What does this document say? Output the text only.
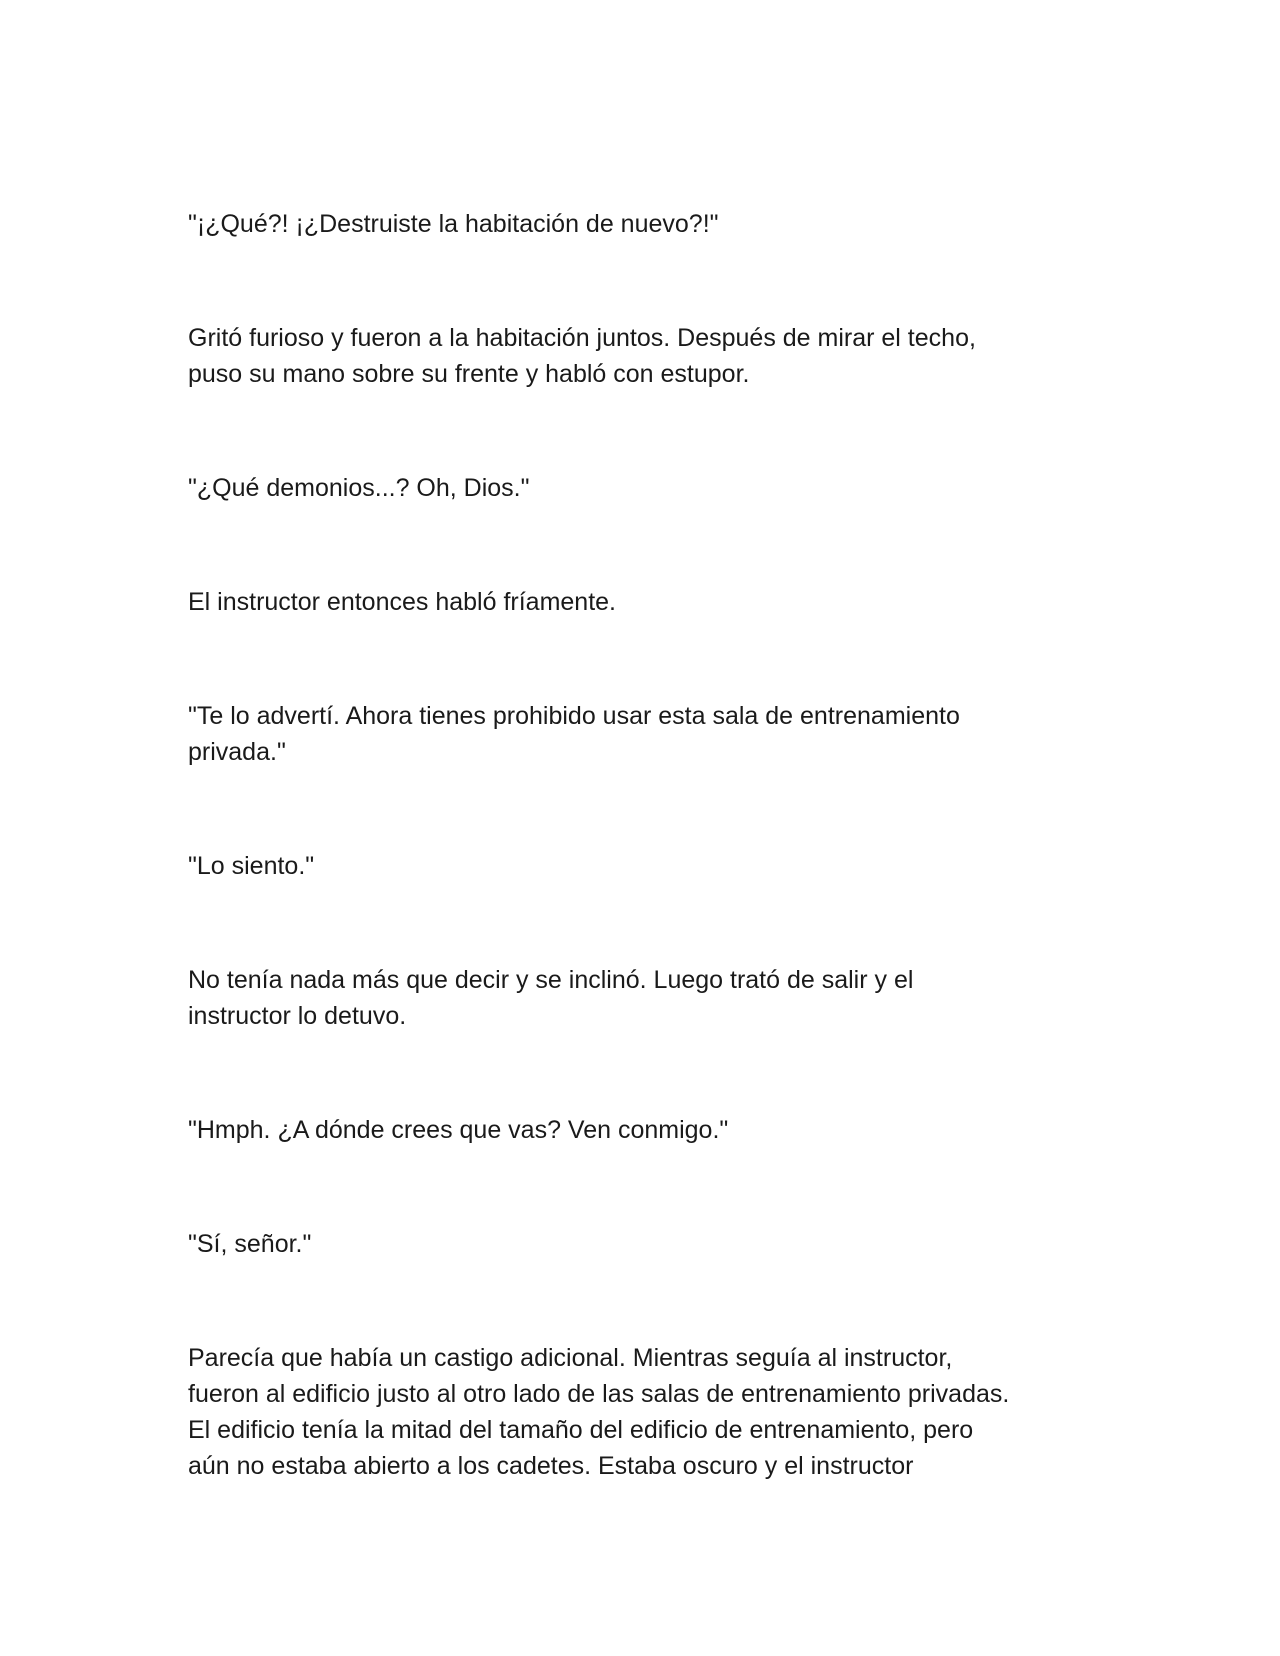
"¡¿Qué?! ¡¿Destruiste la habitación de nuevo?!"

Gritó furioso y fueron a la habitación juntos. Después de mirar el techo,
puso su mano sobre su frente y habló con estupor.

"¿Qué demonios...? Oh, Dios."

El instructor entonces habló fríamente.

"Te lo advertí. Ahora tienes prohibido usar esta sala de entrenamiento
privada."

"Lo siento."

No tenía nada más que decir y se inclinó. Luego trató de salir y el
instructor lo detuvo.

"Hmph. ¿A dónde crees que vas? Ven conmigo."

"Sí, señor."

Parecía que había un castigo adicional. Mientras seguía al instructor,
fueron al edificio justo al otro lado de las salas de entrenamiento privadas.
El edificio tenía la mitad del tamaño del edificio de entrenamiento, pero
aún no estaba abierto a los cadetes. Estaba oscuro y el instructor
